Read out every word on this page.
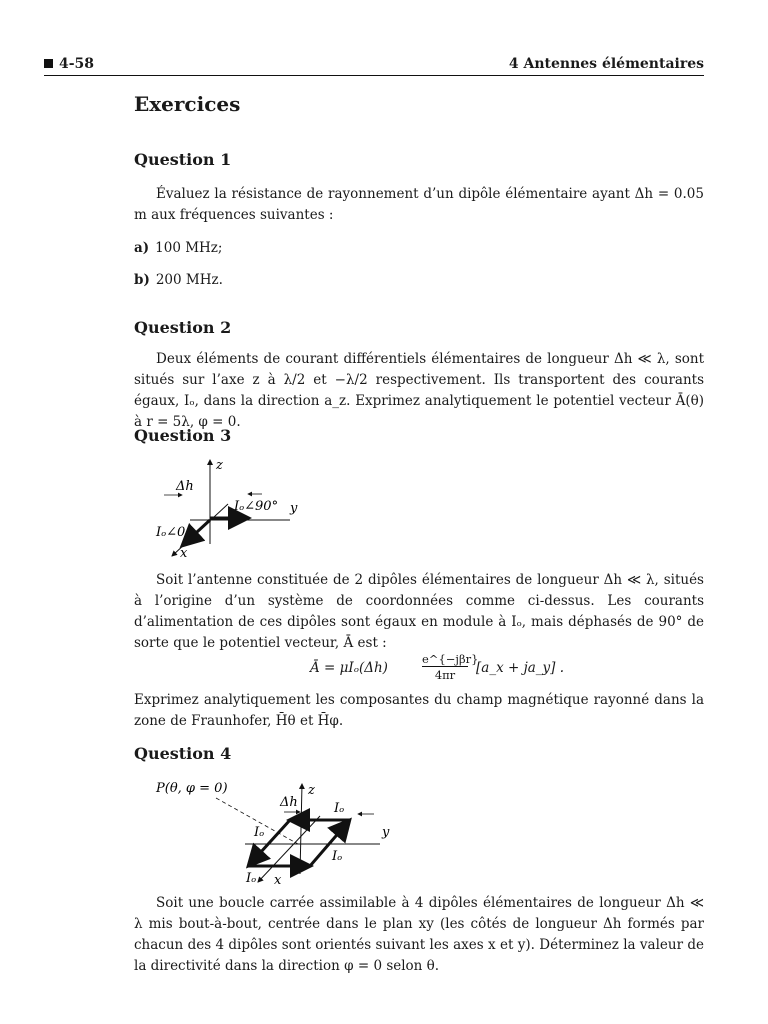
4-58	4 Antennes élémentaires
Exercices
Question 1
Évaluez la résistance de rayonnement d’un dipôle élémentaire ayant Δh = 0.05 m aux fréquences suivantes :
a) 100 MHz;
b) 200 MHz.
Question 2
Deux éléments de courant différentiels élémentaires de longueur Δh ≪ λ, sont situés sur l’axe z à λ/2 et −λ/2 respectivement. Ils transportent des courants égaux, Iₒ, dans la direction a_z. Exprimez analytiquement le potentiel vecteur Ā(θ) à r = 5λ, φ = 0.
Question 3
z
y
x
Δh
Iₒ∠0
Iₒ∠90°
Soit l’antenne constituée de 2 dipôles élémentaires de longueur Δh ≪ λ, situés à l’origine d’un système de coordonnées comme ci-dessus. Les courants d’alimentation de ces dipôles sont égaux en module à Iₒ, mais déphasés de 90° de sorte que le potentiel vecteur, Ā est :
Ā = μIₒ(Δh)
e^{−jβr}
4πr	[a_x + ja_y] .
Exprimez analytiquement les composantes du champ magnétique rayonné dans la zone de Fraunhofer, H̄θ et H̄φ.
Question 4
P(θ, φ = 0)	z
y
x
Δh	Iₒ
Iₒ
Iₒ
Iₒ
Soit une boucle carrée assimilable à 4 dipôles élémentaires de longueur Δh ≪ λ mis bout-à-bout, centrée dans le plan xy (les côtés de longueur Δh formés par chacun des 4 dipôles sont orientés suivant les axes x et y). Déterminez la valeur de la directivité dans la direction φ = 0 selon θ.
